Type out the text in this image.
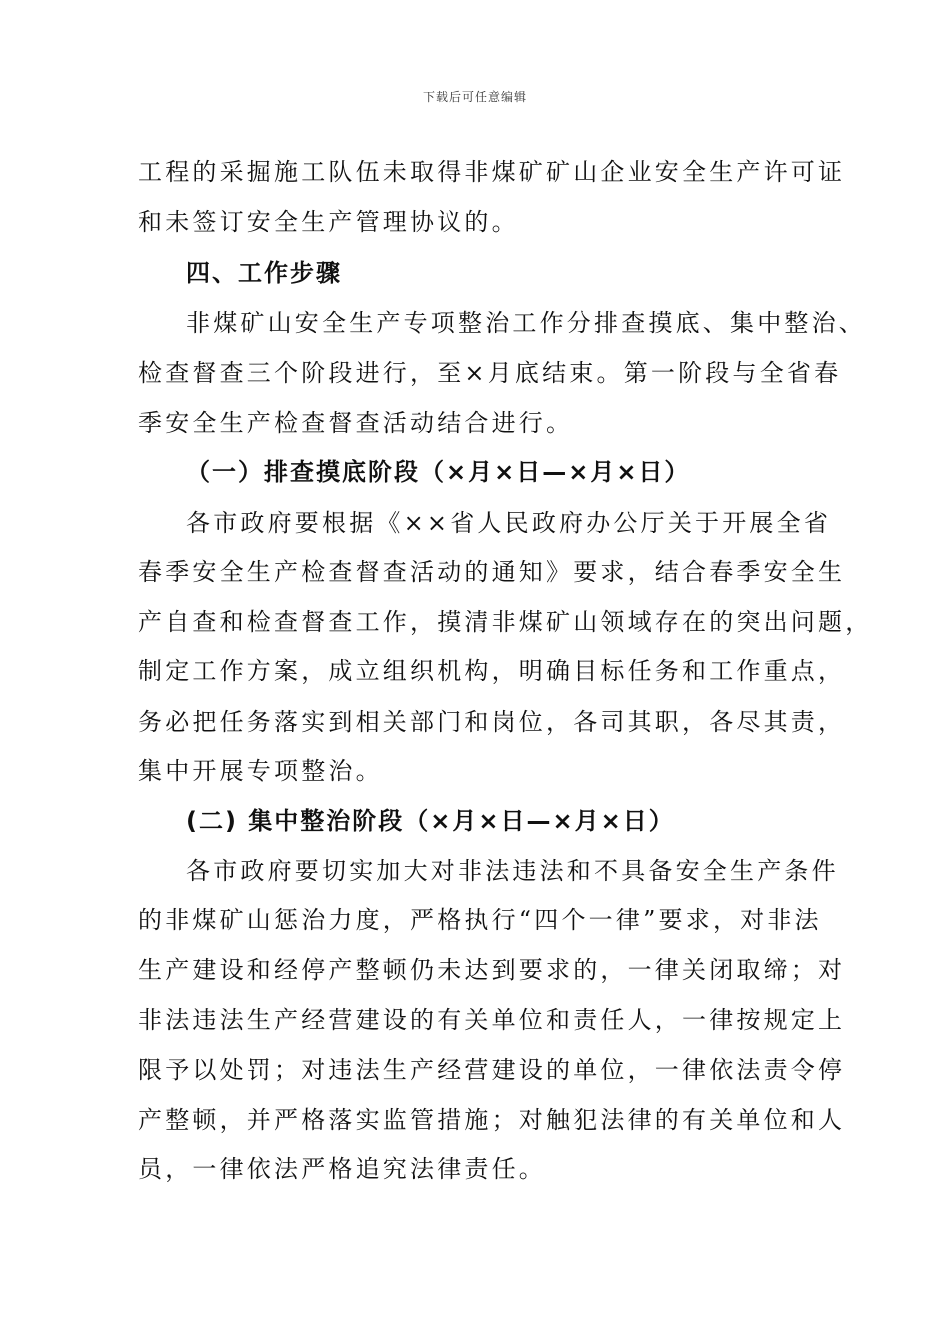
下载后可任意编辑
工程的采掘施工队伍未取得非煤矿矿山企业安全生产许可证
和未签订安全生产管理协议的。
四、工作步骤
非煤矿山安全生产专项整治工作分排查摸底、集中整治、
检查督查三个阶段进行，至×月底结束。第一阶段与全省春
季安全生产检查督查活动结合进行。
（一）排查摸底阶段（×月×日—×月×日）
各市政府要根据《××省人民政府办公厅关于开展全省
春季安全生产检查督查活动的通知》要求，结合春季安全生
产自查和检查督查工作，摸清非煤矿山领域存在的突出问题，
制定工作方案，成立组织机构，明确目标任务和工作重点，
务必把任务落实到相关部门和岗位，各司其职，各尽其责，
集中开展专项整治。
(二) 集中整治阶段（×月×日—×月×日）
各市政府要切实加大对非法违法和不具备安全生产条件
的非煤矿山惩治力度，严格执行“四个一律”要求，对非法
生产建设和经停产整顿仍未达到要求的，一律关闭取缔；对
非法违法生产经营建设的有关单位和责任人，一律按规定上
限予以处罚；对违法生产经营建设的单位，一律依法责令停
产整顿，并严格落实监管措施；对触犯法律的有关单位和人
员，一律依法严格追究法律责任。
